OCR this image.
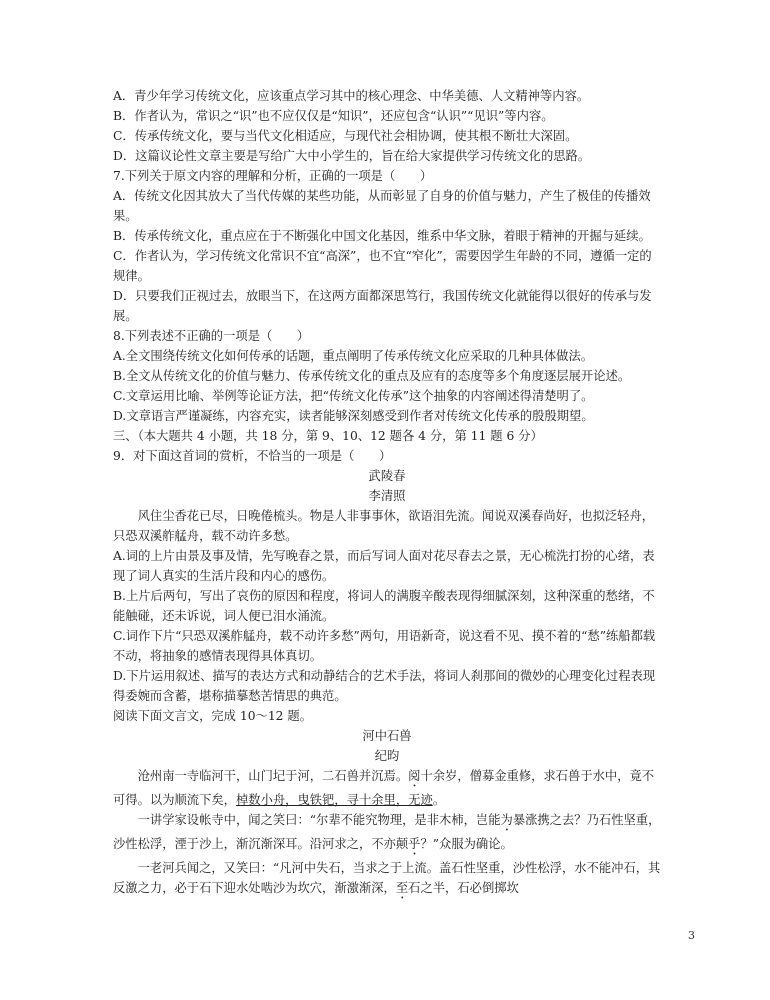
A．青少年学习传统文化，应该重点学习其中的核心理念、中华美德、人文精神等内容。

B．作者认为，常识之“识”也不应仅仅是“知识”，还应包含“认识”“见识”等内容。

C．传承传统文化，要与当代文化相适应，与现代社会相协调，使其根不断壮大深固。

D．这篇议论性文章主要是写给广大中小学生的，旨在给大家提供学习传统文化的思路。

7.下列关于原文内容的理解和分析，正确的一项是（　　）

A．传统文化因其放大了当代传媒的某些功能，从而彰显了自身的价值与魅力，产生了极佳的传播效果。

B．传承传统文化，重点应在于不断强化中国文化基因，维系中华文脉，着眼于精神的开掘与延续。

C．作者认为，学习传统文化常识不宜“高深”，也不宜“窄化”，需要因学生年龄的不同，遵循一定的规律。

D．只要我们正视过去，放眼当下，在这两方面都深思笃行，我国传统文化就能得以很好的传承与发展。

8.下列表述不正确的一项是（　　）

A.全文围绕传统文化如何传承的话题，重点阐明了传承传统文化应采取的几种具体做法。

B.全文从传统文化的价值与魅力、传承传统文化的重点及应有的态度等多个角度逐层展开论述。

C.文章运用比喻、举例等论证方法，把“传统文化传承”这个抽象的内容阐述得清楚明了。

D.文章语言严谨凝练，内容充实，读者能够深刻感受到作者对传统文化传承的殷殷期望。

三、（本大题共 4 小题，共 18 分，第 9、10、12 题各 4 分，第 11 题 6 分）

9．对下面这首词的赏析，不恰当的一项是（　　）

武陵春

李清照

风住尘香花已尽，日晚倦梳头。物是人非事事休，欲语泪先流。闻说双溪春尚好，也拟泛轻舟，只恐双溪舴艋舟，载不动许多愁。

A.词的上片由景及事及情，先写晚春之景，而后写词人面对花尽春去之景，无心梳洗打扮的心绪，表现了词人真实的生活片段和内心的感伤。

B.上片后两句，写出了哀伤的原因和程度，将词人的满腹辛酸表现得细腻深刻，这种深重的愁绪，不能触碰，还未诉说，词人便已泪水涌流。

C.词作下片“只恐双溪舴艋舟，载不动许多愁”两句，用语新奇，说这看不见、摸不着的“愁”练船都载不动，将抽象的感情表现得具体真切。

D.下片运用叙述、描写的表达方式和动静结合的艺术手法，将词人刹那间的微妙的心理变化过程表现得委婉而含蓄，堪称描摹愁苦情思的典范。

阅读下面文言文，完成 10～12 题。

河中石兽

纪昀

沧州南一寺临河干，山门圮于河，二石兽并沉焉。阅十余岁，僧募金重修，求石兽于水中，竟不可得。以为顺流下矣，棹数小舟，曳铁钯，寻十余里，无迹。

一讲学家设帐寺中，闻之笑曰：“尔辈不能究物理，是非木柿，岂能为暴涨携之去？乃石性坚重，沙性松浮，湮于沙上，渐沉渐深耳。沿河求之，不亦颠乎？”众服为确论。

一老河兵闻之，又笑曰：“凡河中失石，当求之于上流。盖石性坚重，沙性松浮，水不能冲石，其反激之力，必于石下迎水处啮沙为坎穴，渐激渐深，至石之半，石必倒掷坎

3
